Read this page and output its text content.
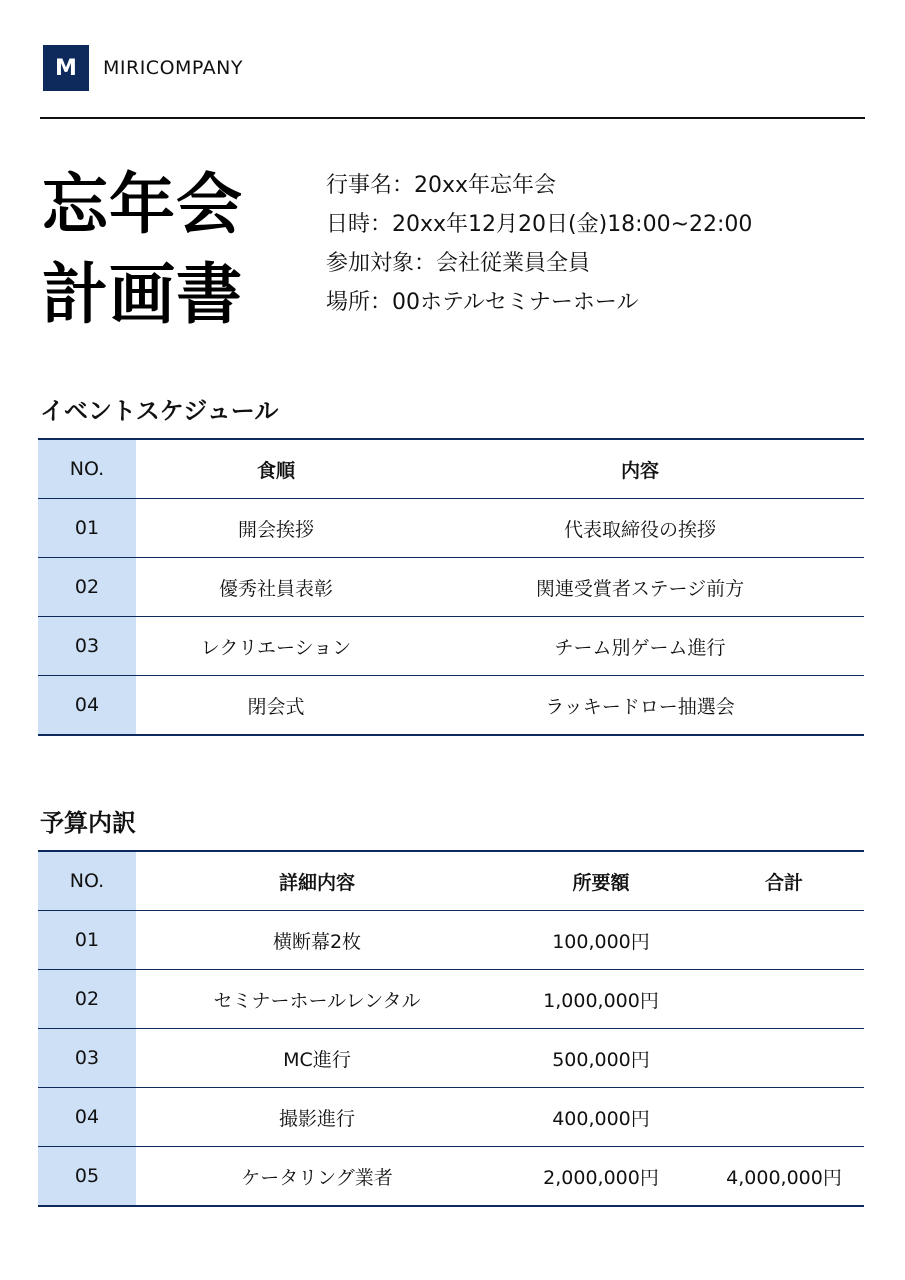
M	MIRICOMPANY
忘年会
計画書
行事名：20xx年忘年会
日時：20xx年12月20日(金)18:00~22:00
参加対象：会社従業員全員
場所：00ホテルセミナーホール
イベントスケジュール
NO.	食順	内容
01	開会挨拶	代表取締役の挨拶
02	優秀社員表彰	関連受賞者ステージ前方
03	レクリエーション	チーム別ゲーム進行
04	閉会式	ラッキードロー抽選会
予算内訳
NO.	詳細内容	所要額	合計
01	横断幕2枚	100,000円	
02	セミナーホールレンタル	1,000,000円	
03	MC進行	500,000円	
04	撮影進行	400,000円	
05	ケータリング業者	2,000,000円	4,000,000円
